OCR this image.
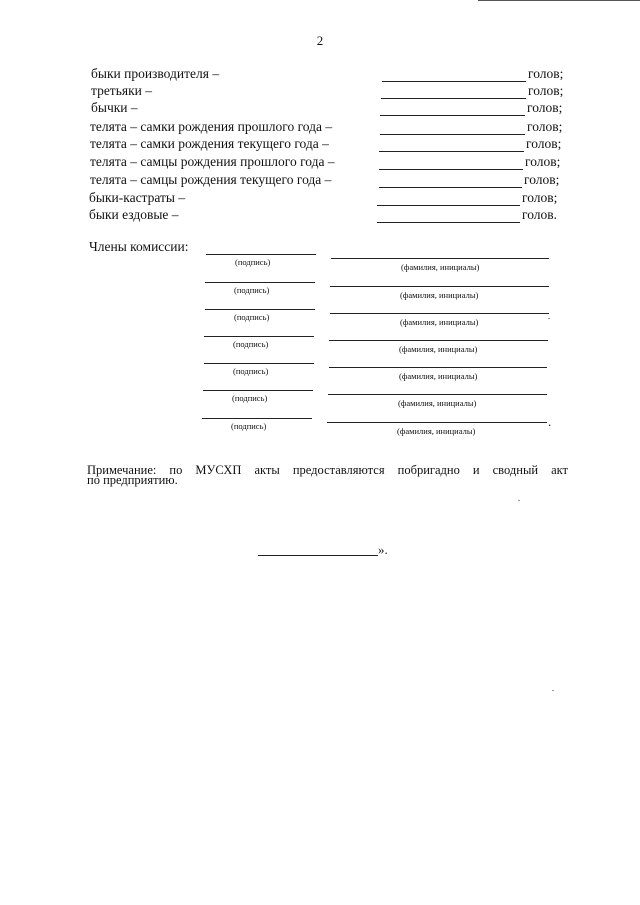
2
быки производителя –	голов;
третьяки –	голов;
бычки –	голов;
телята – самки рождения прошлого года –	голов;
телята – самки рождения текущего года –	голов;
телята – самцы рождения прошлого года –	голов;
телята – самцы рождения текущего года –	голов;
быки-кастраты –	голов;
быки ездовые –	голов.
Члены комиссии:
(подпись)	(фамилия, инициалы)
(подпись)	(фамилия, инициалы)
(подпись)	(фамилия, инициалы)
(подпись)	(фамилия, инициалы)
(подпись)	(фамилия, инициалы)
(подпись)	(фамилия, инициалы)
(подпись)	(фамилия, инициалы)
.
Примечание: по МУСХП акты предоставляются побригадно и сводный акт
по предприятию.
».
